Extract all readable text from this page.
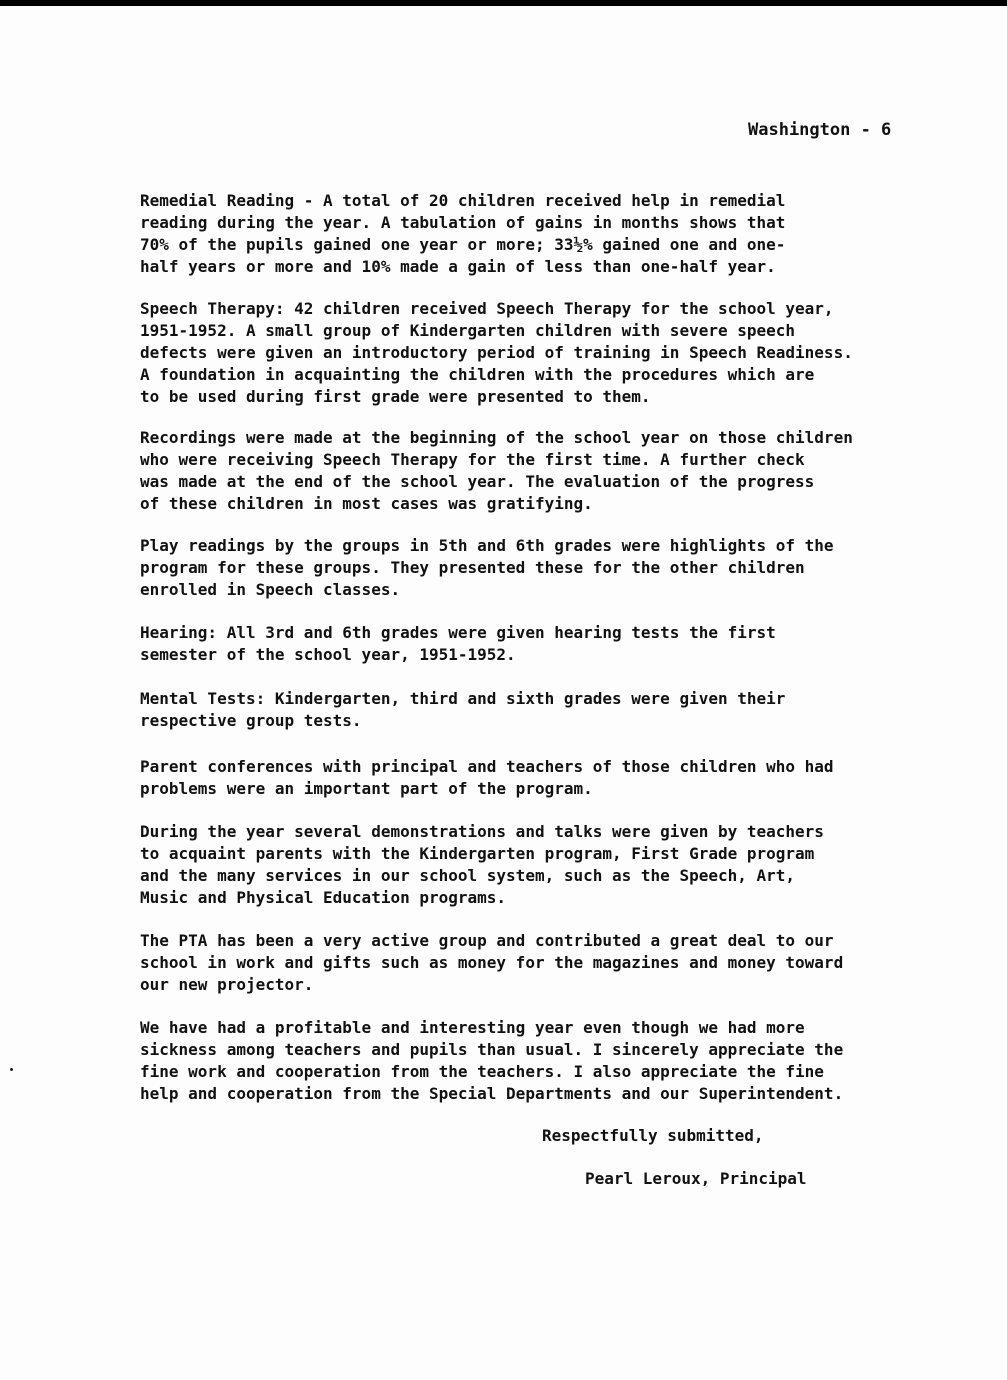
Washington - 6
Remedial Reading - A total of 20 children received help in remedial
reading during the year. A tabulation of gains in months shows that
70% of the pupils gained one year or more; 33½% gained one and one-
half years or more and 10% made a gain of less than one-half year.
Speech Therapy: 42 children received Speech Therapy for the school year,
1951-1952. A small group of Kindergarten children with severe speech
defects were given an introductory period of training in Speech Readiness.
A foundation in acquainting the children with the procedures which are
to be used during first grade were presented to them.
Recordings were made at the beginning of the school year on those children
who were receiving Speech Therapy for the first time. A further check
was made at the end of the school year. The evaluation of the progress
of these children in most cases was gratifying.
Play readings by the groups in 5th and 6th grades were highlights of the
program for these groups. They presented these for the other children
enrolled in Speech classes.
Hearing: All 3rd and 6th grades were given hearing tests the first
semester of the school year, 1951-1952.
Mental Tests: Kindergarten, third and sixth grades were given their
respective group tests.
Parent conferences with principal and teachers of those children who had
problems were an important part of the program.
During the year several demonstrations and talks were given by teachers
to acquaint parents with the Kindergarten program, First Grade program
and the many services in our school system, such as the Speech, Art,
Music and Physical Education programs.
The PTA has been a very active group and contributed a great deal to our
school in work and gifts such as money for the magazines and money toward
our new projector.
We have had a profitable and interesting year even though we had more
sickness among teachers and pupils than usual. I sincerely appreciate the
fine work and cooperation from the teachers. I also appreciate the fine
help and cooperation from the Special Departments and our Superintendent.
Respectfully submitted,
Pearl Leroux, Principal
